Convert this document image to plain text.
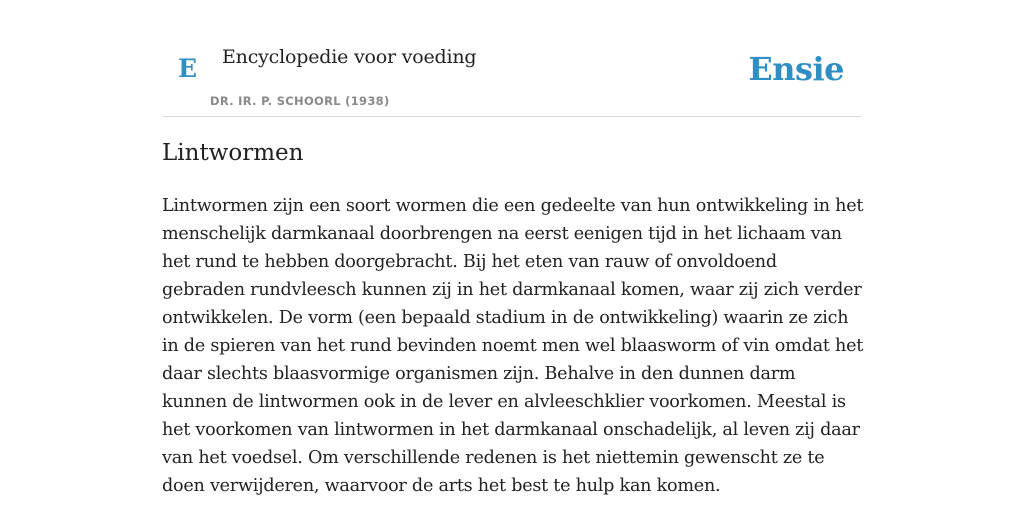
E Encyclopedie voor voeding
DR. IR. P. SCHOORL (1938)
Ensie
Lintwormen

Lintwormen zijn een soort wormen die een gedeelte van hun ontwikkeling in het menschelijk darmkanaal doorbrengen na eerst eenigen tijd in het lichaam van het rund te hebben doorgebracht. Bij het eten van rauw of onvoldoend gebraden rundvleesch kunnen zij in het darmkanaal komen, waar zij zich verder ontwikkelen. De vorm (een bepaald stadium in de ontwikkeling) waarin ze zich in de spieren van het rund bevinden noemt men wel blaasworm of vin omdat het daar slechts blaasvormige organismen zijn. Behalve in den dunnen darm kunnen de lintwormen ook in de lever en alvleeschklier voorkomen. Meestal is het voorkomen van lintwormen in het darmkanaal onschadelijk, al leven zij daar van het voedsel. Om verschillende redenen is het niettemin gewenscht ze te doen verwijderen, waarvoor de arts het best te hulp kan komen.
